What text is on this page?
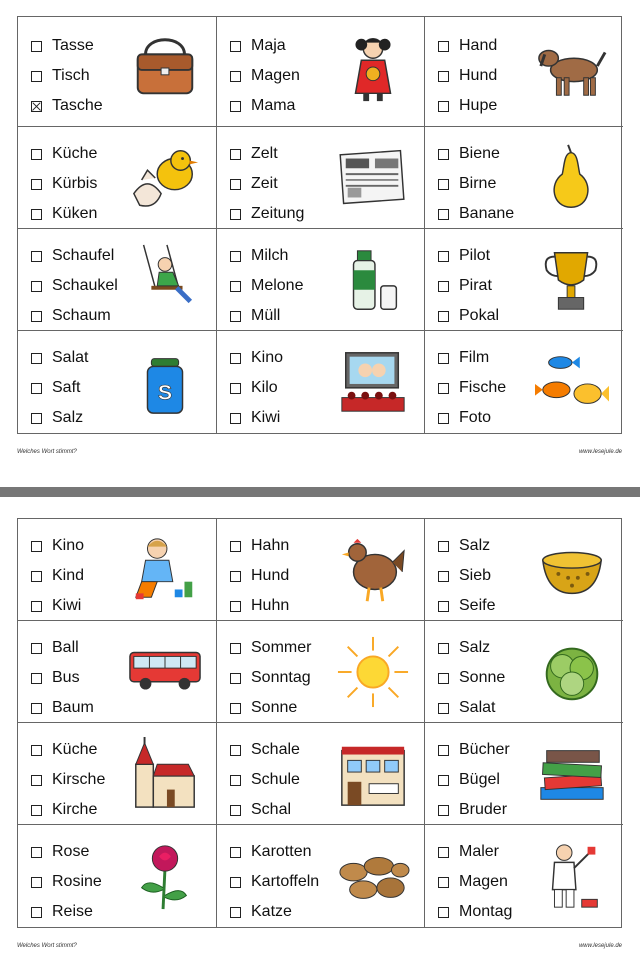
Tasse
Tisch
Tasche
Maja
Magen
Mama
Hand
Hund
Hupe
Küche
Kürbis
Küken
Zelt
Zeit
Zeitung
Biene
Birne
Banane
Schaufel
Schaukel
Schaum
Milch
Melone
Müll
Pilot
Pirat
Pokal
Salat
Saft
Salz
S
Kino
Kilo
Kiwi
Film
Fische
Foto
Welches Wort stimmt?	www.lesejule.de
Kino
Kind
Kiwi
Hahn
Hund
Huhn
Salz
Sieb
Seife
Ball
Bus
Baum
Sommer
Sonntag
Sonne
Salz
Sonne
Salat
Küche
Kirsche
Kirche
Schale
Schule
Schal
Bücher
Bügel
Bruder
Rose
Rosine
Reise
Karotten
Kartoffeln
Katze
Maler
Magen
Montag
Welches Wort stimmt?	www.lesejule.de
